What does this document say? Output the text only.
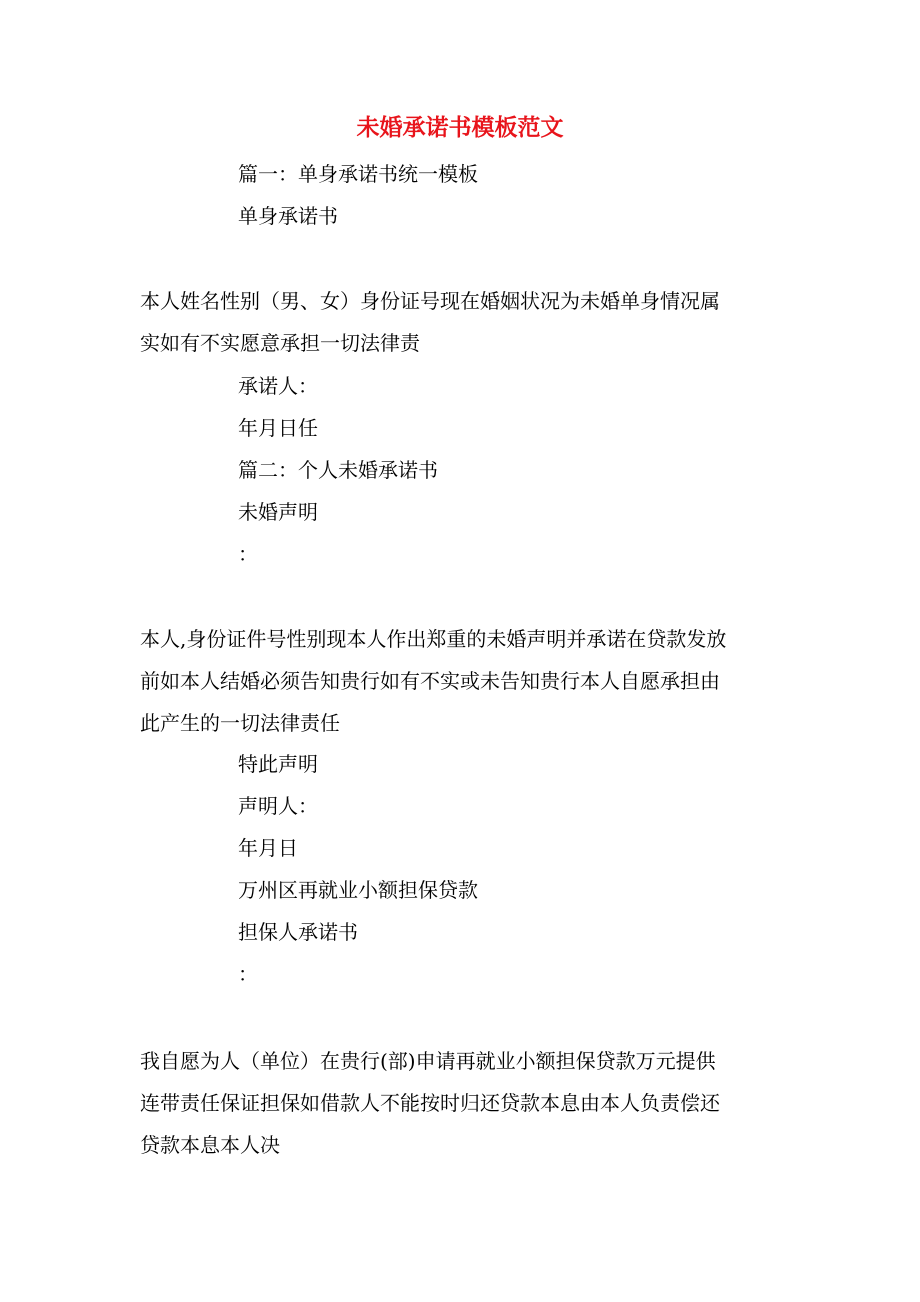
未婚承诺书模板范文
篇一：单身承诺书统一模板
单身承诺书
本人姓名性别（男、女）身份证号现在婚姻状况为未婚单身情况属
实如有不实愿意承担一切法律责
承诺人：
年月日任
篇二：个人未婚承诺书
未婚声明
：
本人,身份证件号性别现本人作出郑重的未婚声明并承诺在贷款发放
前如本人结婚必须告知贵行如有不实或未告知贵行本人自愿承担由
此产生的一切法律责任
特此声明
声明人：
年月日
万州区再就业小额担保贷款
担保人承诺书
：
我自愿为人（单位）在贵行(部)申请再就业小额担保贷款万元提供
连带责任保证担保如借款人不能按时归还贷款本息由本人负责偿还
贷款本息本人决
